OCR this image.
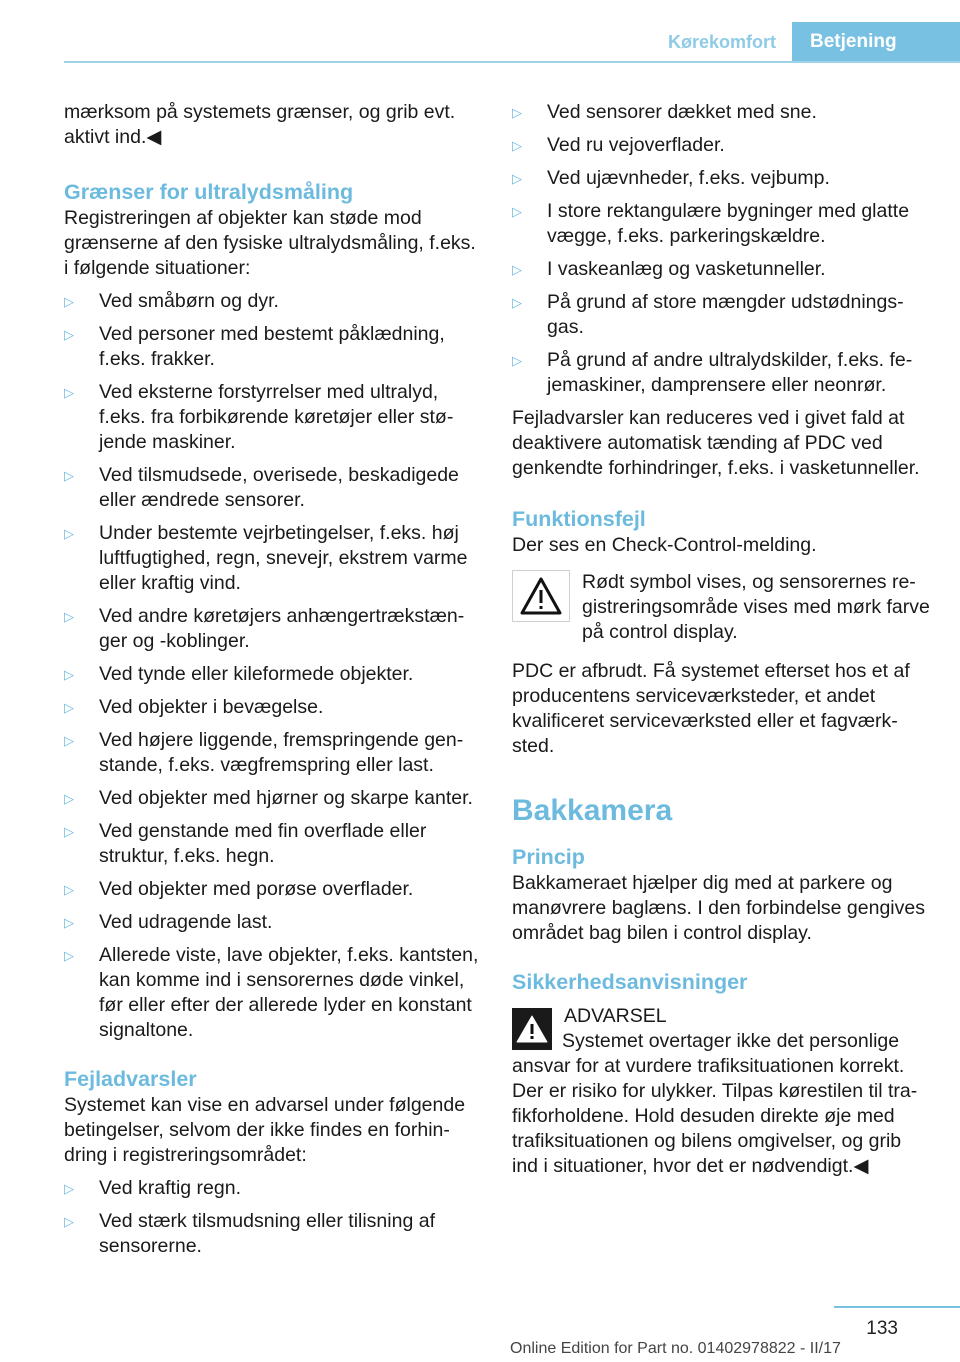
Kørekomfort	Betjening

mærksom på systemets grænser, og grib evt. aktivt ind.◀

Grænser for ultralydsmåling

Registreringen af objekter kan støde mod grænserne af den fysiske ultralydsmåling, f.eks. i følgende situationer:

▷	Ved småbørn og dyr.
▷	Ved personer med bestemt påklædning, f.eks. frakker.
▷	Ved eksterne forstyrrelser med ultralyd, f.eks. fra forbikørende køretøjer eller støjende maskiner.
▷	Ved tilsmudsede, overisede, beskadigede eller ændrede sensorer.
▷	Under bestemte vejrbetingelser, f.eks. høj luftfugtighed, regn, snevejr, ekstrem varme eller kraftig vind.
▷	Ved andre køretøjers anhængertrækstænger og -koblinger.
▷	Ved tynde eller kileformede objekter.
▷	Ved objekter i bevægelse.
▷	Ved højere liggende, fremspringende genstande, f.eks. vægfremspring eller last.
▷	Ved objekter med hjørner og skarpe kanter.
▷	Ved genstande med fin overflade eller struktur, f.eks. hegn.
▷	Ved objekter med porøse overflader.
▷	Ved udragende last.
▷	Allerede viste, lave objekter, f.eks. kantsten, kan komme ind i sensorernes døde vinkel, før eller efter der allerede lyder en konstant signaltone.
Fejladvarsler

Systemet kan vise en advarsel under følgende betingelser, selvom der ikke findes en forhindring i registreringsområdet:

▷	Ved kraftig regn.
▷	Ved stærk tilsmudsning eller tilisning af sensorerne.
▷	Ved sensorer dækket med sne.
▷	Ved ru vejoverflader.
▷	Ved ujævnheder, f.eks. vejbump.
▷	I store rektangulære bygninger med glatte vægge, f.eks. parkeringskældre.
▷	I vaskeanlæg og vasketunneller.
▷	På grund af store mængder udstødningsgas.
▷	På grund af andre ultralydskilder, f.eks. fejemaskiner, damprensere eller neonrør.

Fejladvarsler kan reduceres ved i givet fald at deaktivere automatisk tænding af PDC ved genkendte forhindringer, f.eks. i vasketunneller.

Funktionsfejl

Der ses en Check-Control-melding.

Rødt symbol vises, og sensorernes registreringsområde vises med mørk farve på control display.

PDC er afbrudt. Få systemet efterset hos et af producentens serviceværksteder, et andet kvalificeret serviceværksted eller et fagværksted.

Bakkamera
Princip

Bakkameraet hjælper dig med at parkere og manøvrere baglæns. I den forbindelse gengives området bag bilen i control display.

Sikkerhedsanvisninger

ADVARSEL

Systemet overtager ikke det personlige ansvar for at vurdere trafiksituationen korrekt. Der er risiko for ulykker. Tilpas kørestilen til trafikforholdene. Hold desuden direkte øje med trafiksituationen og bilens omgivelser, og grib ind i situationer, hvor det er nødvendigt.◀

133
Online Edition for Part no. 01402978822 - II/17
